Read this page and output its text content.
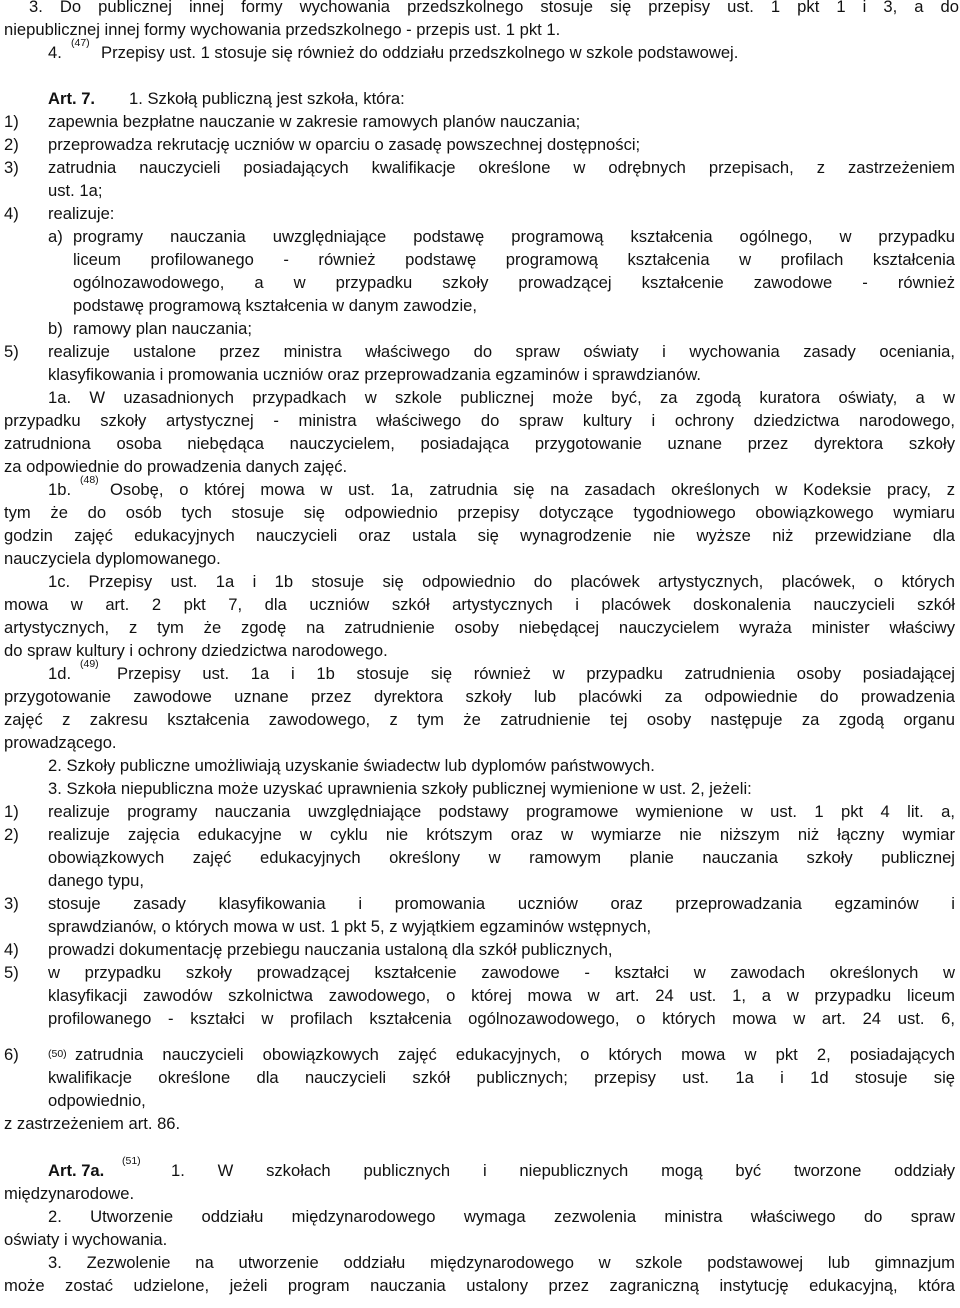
3. Do publicznej innej formy wychowania przedszkolnego stosuje się przepisy ust. 1 pkt 1 i 3, a do
niepublicznej innej formy wychowania przedszkolnego - przepis ust. 1 pkt 1.
4. (47) Przepisy ust. 1 stosuje się również do oddziału przedszkolnego w szkole podstawowej.
Art. 7.	1. Szkołą publiczną jest szkoła, która:
1)	zapewnia bezpłatne nauczanie w zakresie ramowych planów nauczania;
2)	przeprowadza rekrutację uczniów w oparciu o zasadę powszechnej dostępności;
3)	zatrudnia nauczycieli posiadających kwalifikacje określone w odrębnych przepisach, z zastrzeżeniem
ust. 1a;
4)	realizuje:
a) programy nauczania uwzględniające podstawę programową kształcenia ogólnego, w przypadku
liceum profilowanego - również podstawę programową kształcenia w profilach kształcenia
ogólnozawodowego, a w przypadku szkoły prowadzącej kształcenie zawodowe - również
podstawę programową kształcenia w danym zawodzie,
b) ramowy plan nauczania;
5)	realizuje ustalone przez ministra właściwego do spraw oświaty i wychowania zasady oceniania,
klasyfikowania i promowania uczniów oraz przeprowadzania egzaminów i sprawdzianów.
1a. W uzasadnionych przypadkach w szkole publicznej może być, za zgodą kuratora oświaty, a w
przypadku szkoły artystycznej - ministra właściwego do spraw kultury i ochrony dziedzictwa narodowego,
zatrudniona osoba niebędąca nauczycielem, posiadająca przygotowanie uznane przez dyrektora szkoły
za odpowiednie do prowadzenia danych zajęć.
1b. (48) Osobę, o której mowa w ust. 1a, zatrudnia się na zasadach określonych w Kodeksie pracy, z
tym że do osób tych stosuje się odpowiednio przepisy dotyczące tygodniowego obowiązkowego wymiaru
godzin zajęć edukacyjnych nauczycieli oraz ustala się wynagrodzenie nie wyższe niż przewidziane dla
nauczyciela dyplomowanego.
1c. Przepisy ust. 1a i 1b stosuje się odpowiednio do placówek artystycznych, placówek, o których
mowa w art. 2 pkt 7, dla uczniów szkół artystycznych i placówek doskonalenia nauczycieli szkół
artystycznych, z tym że zgodę na zatrudnienie osoby niebędącej nauczycielem wyraża minister właściwy
do spraw kultury i ochrony dziedzictwa narodowego.
1d. (49)	Przepisy ust. 1a i 1b stosuje się również w przypadku zatrudnienia osoby posiadającej
przygotowanie zawodowe uznane przez dyrektora szkoły lub placówki za odpowiednie do prowadzenia
zajęć z zakresu kształcenia zawodowego, z tym że zatrudnienie tej osoby następuje za zgodą organu
prowadzącego.
2. Szkoły publiczne umożliwiają uzyskanie świadectw lub dyplomów państwowych.
3. Szkoła niepubliczna może uzyskać uprawnienia szkoły publicznej wymienione w ust. 2, jeżeli:
1)	realizuje programy nauczania uwzględniające podstawy programowe wymienione w ust. 1 pkt 4 lit. a,
2)	realizuje zajęcia edukacyjne w cyklu nie krótszym oraz w wymiarze nie niższym niż łączny wymiar
obowiązkowych zajęć edukacyjnych określony w ramowym planie nauczania szkoły publicznej
danego typu,
3)	stosuje zasady klasyfikowania i promowania uczniów oraz przeprowadzania egzaminów i
sprawdzianów, o których mowa w ust. 1 pkt 5, z wyjątkiem egzaminów wstępnych,
4)	prowadzi dokumentację przebiegu nauczania ustaloną dla szkół publicznych,
5)	w przypadku szkoły prowadzącej kształcenie zawodowe - kształci w zawodach określonych w
klasyfikacji zawodów szkolnictwa zawodowego, o której mowa w art. 24 ust. 1, a w przypadku liceum
profilowanego - kształci w profilach kształcenia ogólnozawodowego, o których mowa w art. 24 ust. 6,
6)	(50) zatrudnia nauczycieli obowiązkowych zajęć edukacyjnych, o których mowa w pkt 2, posiadających
kwalifikacje określone dla nauczycieli szkół publicznych; przepisy ust. 1a i 1d stosuje się
odpowiednio,
z zastrzeżeniem art. 86.
Art. 7a.	(51)	1. W szkołach publicznych i niepublicznych mogą być tworzone oddziały
międzynarodowe.
2. Utworzenie oddziału międzynarodowego wymaga zezwolenia ministra właściwego do spraw
oświaty i wychowania.
3. Zezwolenie na utworzenie oddziału międzynarodowego w szkole podstawowej lub gimnazjum
może zostać udzielone, jeżeli program nauczania ustalony przez zagraniczną instytucję edukacyjną, która
